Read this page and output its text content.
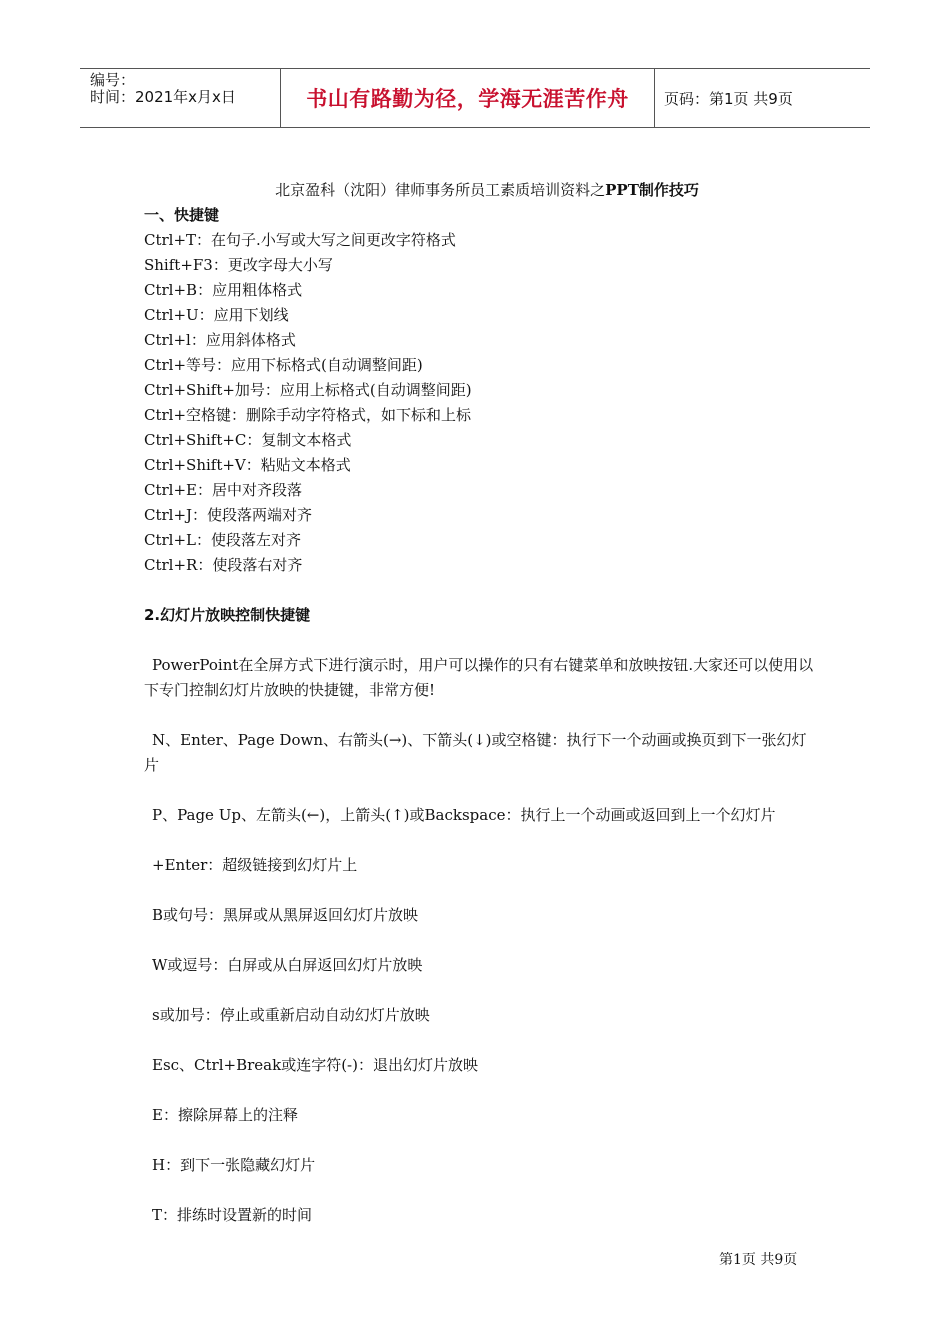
编号：
时间：2021年x月x日	书山有路勤为径，学海无涯苦作舟	页码：第1页 共9页
北京盈科（沈阳）律师事务所员工素质培训资料之PPT制作技巧
一、快捷键
Ctrl+T：在句子.小写或大写之间更改字符格式
Shift+F3：更改字母大小写
Ctrl+B：应用粗体格式
Ctrl+U：应用下划线
Ctrl+l：应用斜体格式
Ctrl+等号：应用下标格式(自动调整间距)
Ctrl+Shift+加号：应用上标格式(自动调整间距)
Ctrl+空格键：删除手动字符格式，如下标和上标
Ctrl+Shift+C：复制文本格式
Ctrl+Shift+V：粘贴文本格式
Ctrl+E：居中对齐段落
Ctrl+J：使段落两端对齐
Ctrl+L：使段落左对齐
Ctrl+R：使段落右对齐
2.幻灯片放映控制快捷键
PowerPoint在全屏方式下进行演示时，用户可以操作的只有右键菜单和放映按钮.大家还可以使用以下专门控制幻灯片放映的快捷键，非常方便!
N、Enter、Page Down、右箭头(→)、下箭头(↓)或空格键：执行下一个动画或换页到下一张幻灯片
P、Page Up、左箭头(←)，上箭头(↑)或Backspace：执行上一个动画或返回到上一个幻灯片
+Enter：超级链接到幻灯片上
B或句号：黑屏或从黑屏返回幻灯片放映
W或逗号：白屏或从白屏返回幻灯片放映
s或加号：停止或重新启动自动幻灯片放映
Esc、Ctrl+Break或连字符(-)：退出幻灯片放映
E：擦除屏幕上的注释
H：到下一张隐藏幻灯片
T：排练时设置新的时间
第1页 共9页
